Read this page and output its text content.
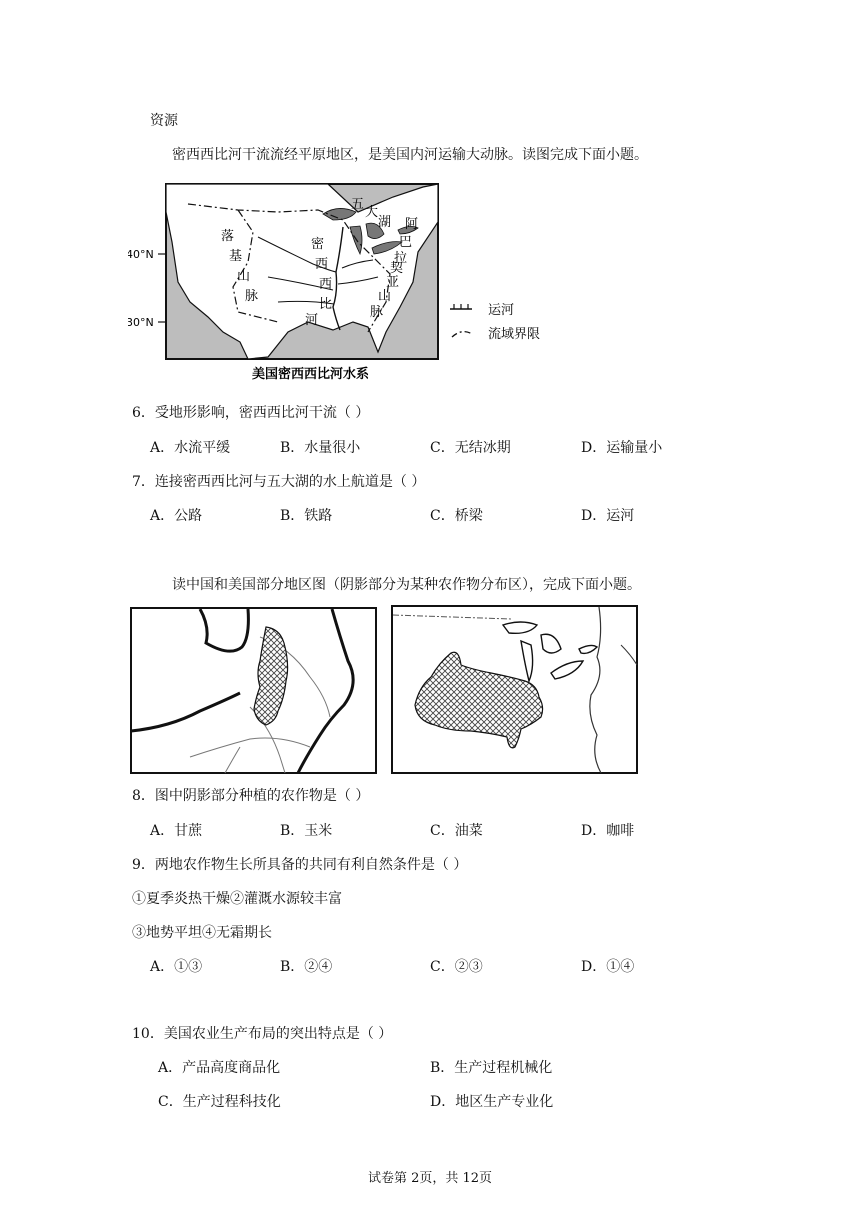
资源
密西西比河干流流经平原地区，是美国内河运输大动脉。读图完成下面小题。
40°N
30°N
落
基
山
脉
密
西
西
比
河
五
大
湖 阿
巴
拉
契
亚
山
脉	运河
流域界限
美国密西西比河水系
6．受地形影响，密西西比河干流（ ）
A．水流平缓	B．水量很小	C．无结冰期	D．运输量小
7．连接密西西比河与五大湖的水上航道是（ ）
A．公路	B．铁路	C．桥梁	D．运河
读中国和美国部分地区图（阴影部分为某种农作物分布区），完成下面小题。
8．图中阴影部分种植的农作物是（ ）
A．甘蔗	B．玉米	C．油菜	D．咖啡
9．两地农作物生长所具备的共同有利自然条件是（ ）
①夏季炎热干燥②灌溉水源较丰富
③地势平坦④无霜期长
A．①③	B．②④	C．②③	D．①④
10．美国农业生产布局的突出特点是（ ）
A．产品高度商品化	B．生产过程机械化
C．生产过程科技化	D．地区生产专业化
试卷第 2页，共 12页
